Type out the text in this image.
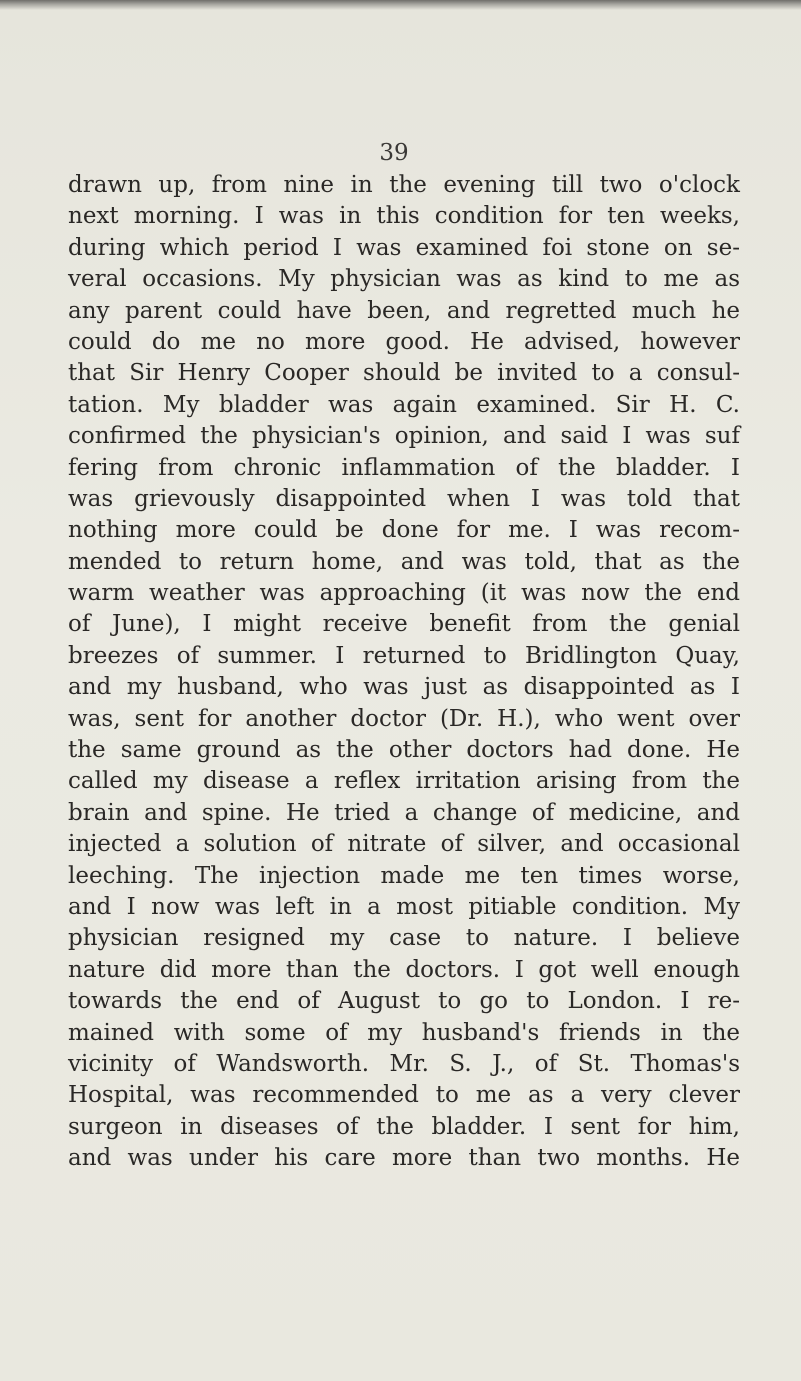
39
drawn up, from nine in the evening till two o'clock
next morning. I was in this condition for ten weeks,
during which period I was examined foi stone on se-
veral occasions. My physician was as kind to me as
any parent could have been, and regretted much he
could do me no more good. He advised, however
that Sir Henry Cooper should be invited to a consul-
tation. My bladder was again examined. Sir H. C.
confirmed the physician's opinion, and said I was suf
fering from chronic inflammation of the bladder. I
was grievously disappointed when I was told that
nothing more could be done for me. I was recom-
mended to return home, and was told, that as the
warm weather was approaching (it was now the end
of June), I might receive benefit from the genial
breezes of summer. I returned to Bridlington Quay,
and my husband, who was just as disappointed as I
was, sent for another doctor (Dr. H.), who went over
the same ground as the other doctors had done. He
called my disease a reflex irritation arising from the
brain and spine. He tried a change of medicine, and
injected a solution of nitrate of silver, and occasional
leeching. The injection made me ten times worse,
and I now was left in a most pitiable condition. My
physician resigned my case to nature. I believe
nature did more than the doctors. I got well enough
towards the end of August to go to London. I re-
mained with some of my husband's friends in the
vicinity of Wandsworth. Mr. S. J., of St. Thomas's
Hospital, was recommended to me as a very clever
surgeon in diseases of the bladder. I sent for him,
and was under his care more than two months. He
